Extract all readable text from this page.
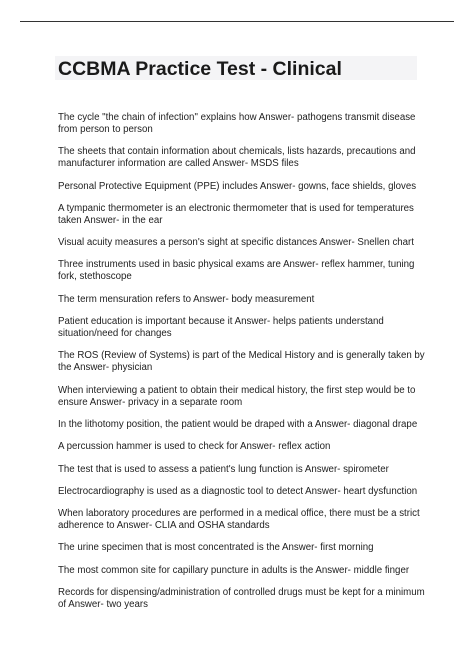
CCBMA Practice Test - Clinical
The cycle "the chain of infection" explains how Answer- pathogens transmit disease from person to person
The sheets that contain information about chemicals, lists hazards, precautions and manufacturer information are called Answer- MSDS files
Personal Protective Equipment (PPE) includes Answer- gowns, face shields, gloves
A tympanic thermometer is an electronic thermometer that is used for temperatures taken Answer- in the ear
Visual acuity measures a person's sight at specific distances Answer- Snellen chart
Three instruments used in basic physical exams are Answer- reflex hammer, tuning fork, stethoscope
The term mensuration refers to Answer- body measurement
Patient education is important because it Answer- helps patients understand situation/need for changes
The ROS (Review of Systems) is part of the Medical History and is generally taken by the Answer- physician
When interviewing a patient to obtain their medical history, the first step would be to ensure Answer- privacy in a separate room
In the lithotomy position, the patient would be draped with a Answer- diagonal drape
A percussion hammer is used to check for Answer- reflex action
The test that is used to assess a patient's lung function is Answer- spirometer
Electrocardiography is used as a diagnostic tool to detect Answer- heart dysfunction
When laboratory procedures are performed in a medical office, there must be a strict adherence to Answer- CLIA and OSHA standards
The urine specimen that is most concentrated is the Answer- first morning
The most common site for capillary puncture in adults is the Answer- middle finger
Records for dispensing/administration of controlled drugs must be kept for a minimum of Answer- two years
